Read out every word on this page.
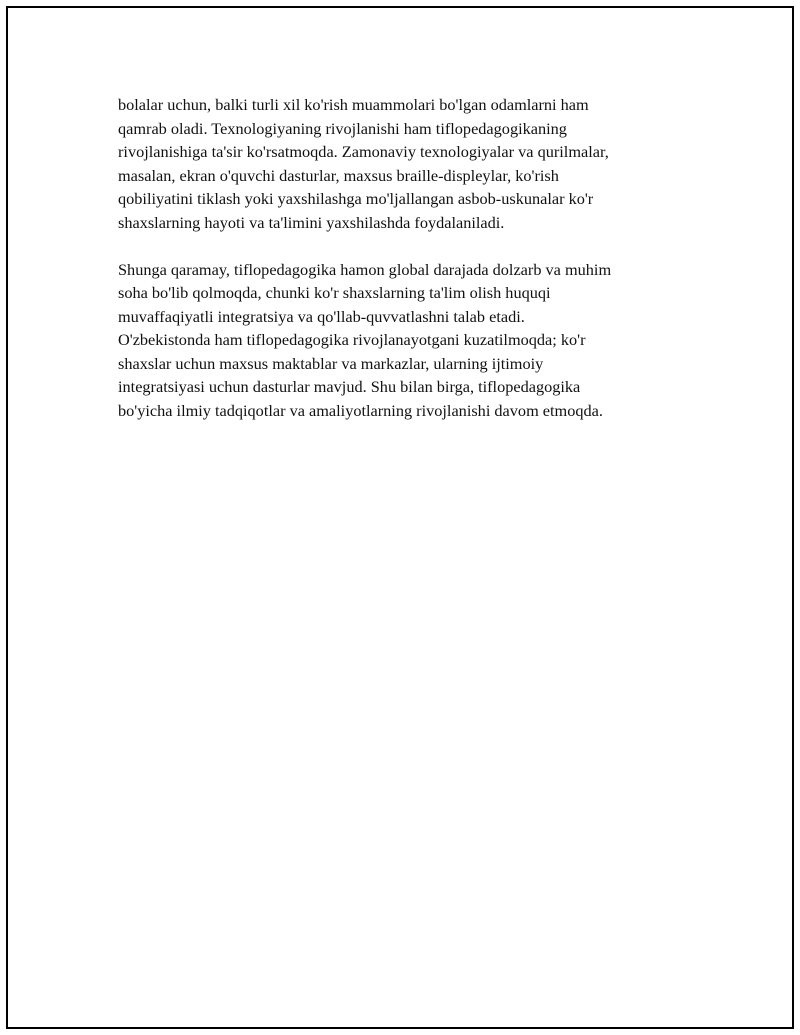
bolalar uchun, balki turli xil ko'rish muammolari bo'lgan odamlarni ham
qamrab oladi. Texnologiyaning rivojlanishi ham tiflopedagogikaning
rivojlanishiga ta'sir ko'rsatmoqda. Zamonaviy texnologiyalar va qurilmalar,
masalan, ekran o'quvchi dasturlar, maxsus braille-displeylar, ko'rish
qobiliyatini tiklash yoki yaxshilashga mo'ljallangan asbob-uskunalar ko'r
shaxslarning hayoti va ta'limini yaxshilashda foydalaniladi.

Shunga qaramay, tiflopedagogika hamon global darajada dolzarb va muhim
soha bo'lib qolmoqda, chunki ko'r shaxslarning ta'lim olish huquqi
muvaffaqiyatli integratsiya va qo'llab-quvvatlashni talab etadi.
O'zbekistonda ham tiflopedagogika rivojlanayotgani kuzatilmoqda; ko'r
shaxslar uchun maxsus maktablar va markazlar, ularning ijtimoiy
integratsiyasi uchun dasturlar mavjud. Shu bilan birga, tiflopedagogika
bo'yicha ilmiy tadqiqotlar va amaliyotlarning rivojlanishi davom etmoqda.
